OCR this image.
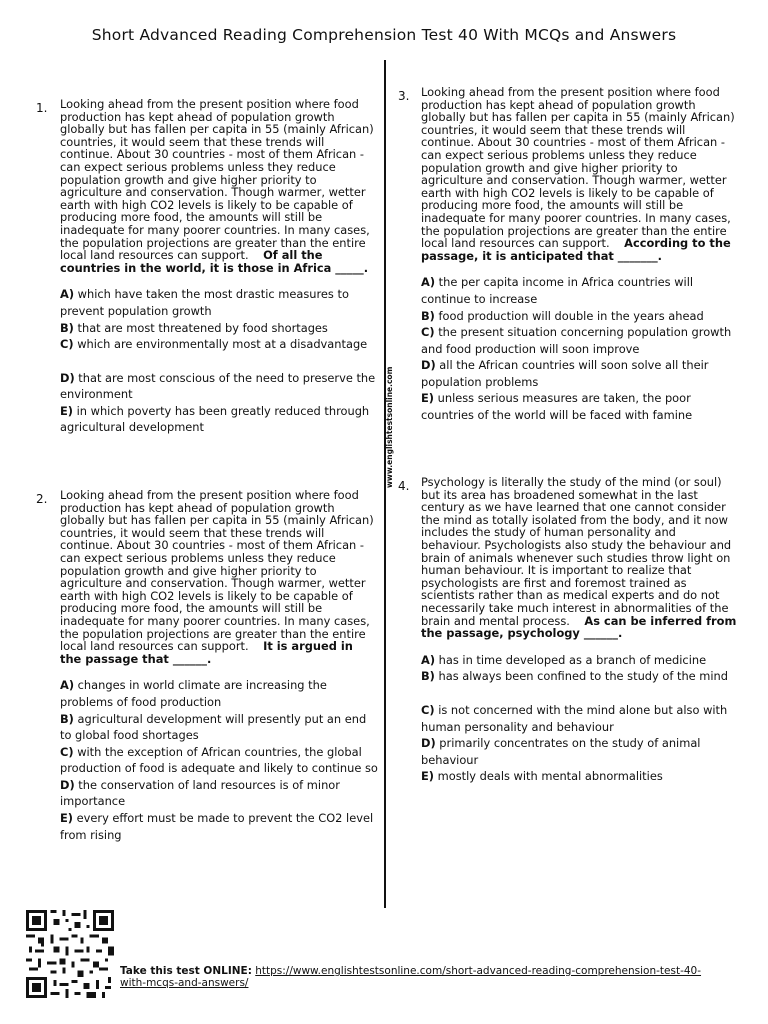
Short Advanced Reading Comprehension Test 40 With MCQs and Answers
www.englishtestsonline.com
1. Looking ahead from the present position where food production has kept ahead of population growth globally but has fallen per capita in 55 (mainly African) countries, it would seem that these trends will continue. About 30 countries - most of them African - can expect serious problems unless they reduce population growth and give higher priority to agriculture and conservation. Though warmer, wetter earth with high CO2 levels is likely to be capable of producing more food, the amounts will still be inadequate for many poorer countries. In many cases, the population projections are greater than the entire local land resources can support. Of all the countries in the world, it is those in Africa _____.
A) which have taken the most drastic measures to prevent population growth
B) that are most threatened by food shortages
C) which are environmentally most at a disadvantage
D) that are most conscious of the need to preserve the environment
E) in which poverty has been greatly reduced through agricultural development
2. Looking ahead from the present position where food production has kept ahead of population growth globally but has fallen per capita in 55 (mainly African) countries, it would seem that these trends will continue. About 30 countries - most of them African - can expect serious problems unless they reduce population growth and give higher priority to agriculture and conservation. Though warmer, wetter earth with high CO2 levels is likely to be capable of producing more food, the amounts will still be inadequate for many poorer countries. In many cases, the population projections are greater than the entire local land resources can support. It is argued in the passage that ______.
A) changes in world climate are increasing the problems of food production
B) agricultural development will presently put an end to global food shortages
C) with the exception of African countries, the global production of food is adequate and likely to continue so
D) the conservation of land resources is of minor importance
E) every effort must be made to prevent the CO2 level from rising
3. Looking ahead from the present position where food production has kept ahead of population growth globally but has fallen per capita in 55 (mainly African) countries, it would seem that these trends will continue. About 30 countries - most of them African - can expect serious problems unless they reduce population growth and give higher priority to agriculture and conservation. Though warmer, wetter earth with high CO2 levels is likely to be capable of producing more food, the amounts will still be inadequate for many poorer countries. In many cases, the population projections are greater than the entire local land resources can support. According to the passage, it is anticipated that _______.
A) the per capita income in Africa countries will continue to increase
B) food production will double in the years ahead
C) the present situation concerning population growth and food production will soon improve
D) all the African countries will soon solve all their population problems
E) unless serious measures are taken, the poor countries of the world will be faced with famine
4. Psychology is literally the study of the mind (or soul) but its area has broadened somewhat in the last century as we have learned that one cannot consider the mind as totally isolated from the body, and it now includes the study of human personality and behaviour. Psychologists also study the behaviour and brain of animals whenever such studies throw light on human behaviour. It is important to realize that psychologists are first and foremost trained as scientists rather than as medical experts and do not necessarily take much interest in abnormalities of the brain and mental process. As can be inferred from the passage, psychology ______.
A) has in time developed as a branch of medicine
B) has always been confined to the study of the mind
C) is not concerned with the mind alone but also with human personality and behaviour
D) primarily concentrates on the study of animal behaviour
E) mostly deals with mental abnormalities
Take this test ONLINE: https://www.englishtestsonline.com/short-advanced-reading-comprehension-test-40-with-mcqs-and-answers/
